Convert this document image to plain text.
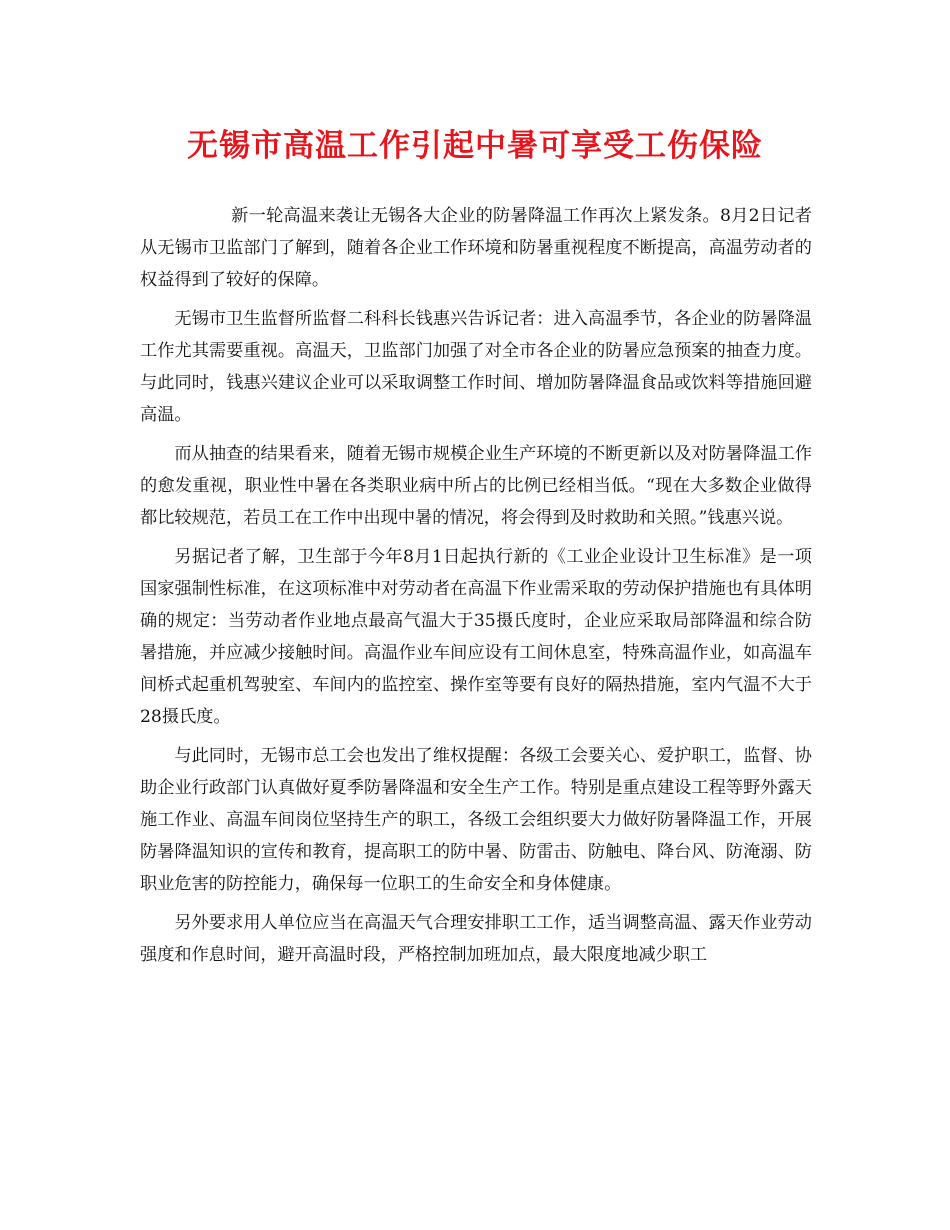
无锡市高温工作引起中暑可享受工伤保险

新一轮高温来袭让无锡各大企业的防暑降温工作再次上紧发条。8月2日记者从无锡市卫监部门了解到，随着各企业工作环境和防暑重视程度不断提高，高温劳动者的权益得到了较好的保障。

无锡市卫生监督所监督二科科长钱惠兴告诉记者：进入高温季节，各企业的防暑降温工作尤其需要重视。高温天，卫监部门加强了对全市各企业的防暑应急预案的抽查力度。与此同时，钱惠兴建议企业可以采取调整工作时间、增加防暑降温食品或饮料等措施回避高温。

而从抽查的结果看来，随着无锡市规模企业生产环境的不断更新以及对防暑降温工作的愈发重视，职业性中暑在各类职业病中所占的比例已经相当低。“现在大多数企业做得都比较规范，若员工在工作中出现中暑的情况，将会得到及时救助和关照。”钱惠兴说。

另据记者了解，卫生部于今年8月1日起执行新的《工业企业设计卫生标准》是一项国家强制性标准，在这项标准中对劳动者在高温下作业需采取的劳动保护措施也有具体明确的规定：当劳动者作业地点最高气温大于35摄氏度时，企业应采取局部降温和综合防暑措施，并应减少接触时间。高温作业车间应设有工间休息室，特殊高温作业，如高温车间桥式起重机驾驶室、车间内的监控室、操作室等要有良好的隔热措施，室内气温不大于28摄氏度。

与此同时，无锡市总工会也发出了维权提醒：各级工会要关心、爱护职工，监督、协助企业行政部门认真做好夏季防暑降温和安全生产工作。特别是重点建设工程等野外露天施工作业、高温车间岗位坚持生产的职工，各级工会组织要大力做好防暑降温工作，开展防暑降温知识的宣传和教育，提高职工的防中暑、防雷击、防触电、降台风、防淹溺、防职业危害的防控能力，确保每一位职工的生命安全和身体健康。

另外要求用人单位应当在高温天气合理安排职工工作，适当调整高温、露天作业劳动强度和作息时间，避开高温时段，严格控制加班加点，最大限度地减少职工
